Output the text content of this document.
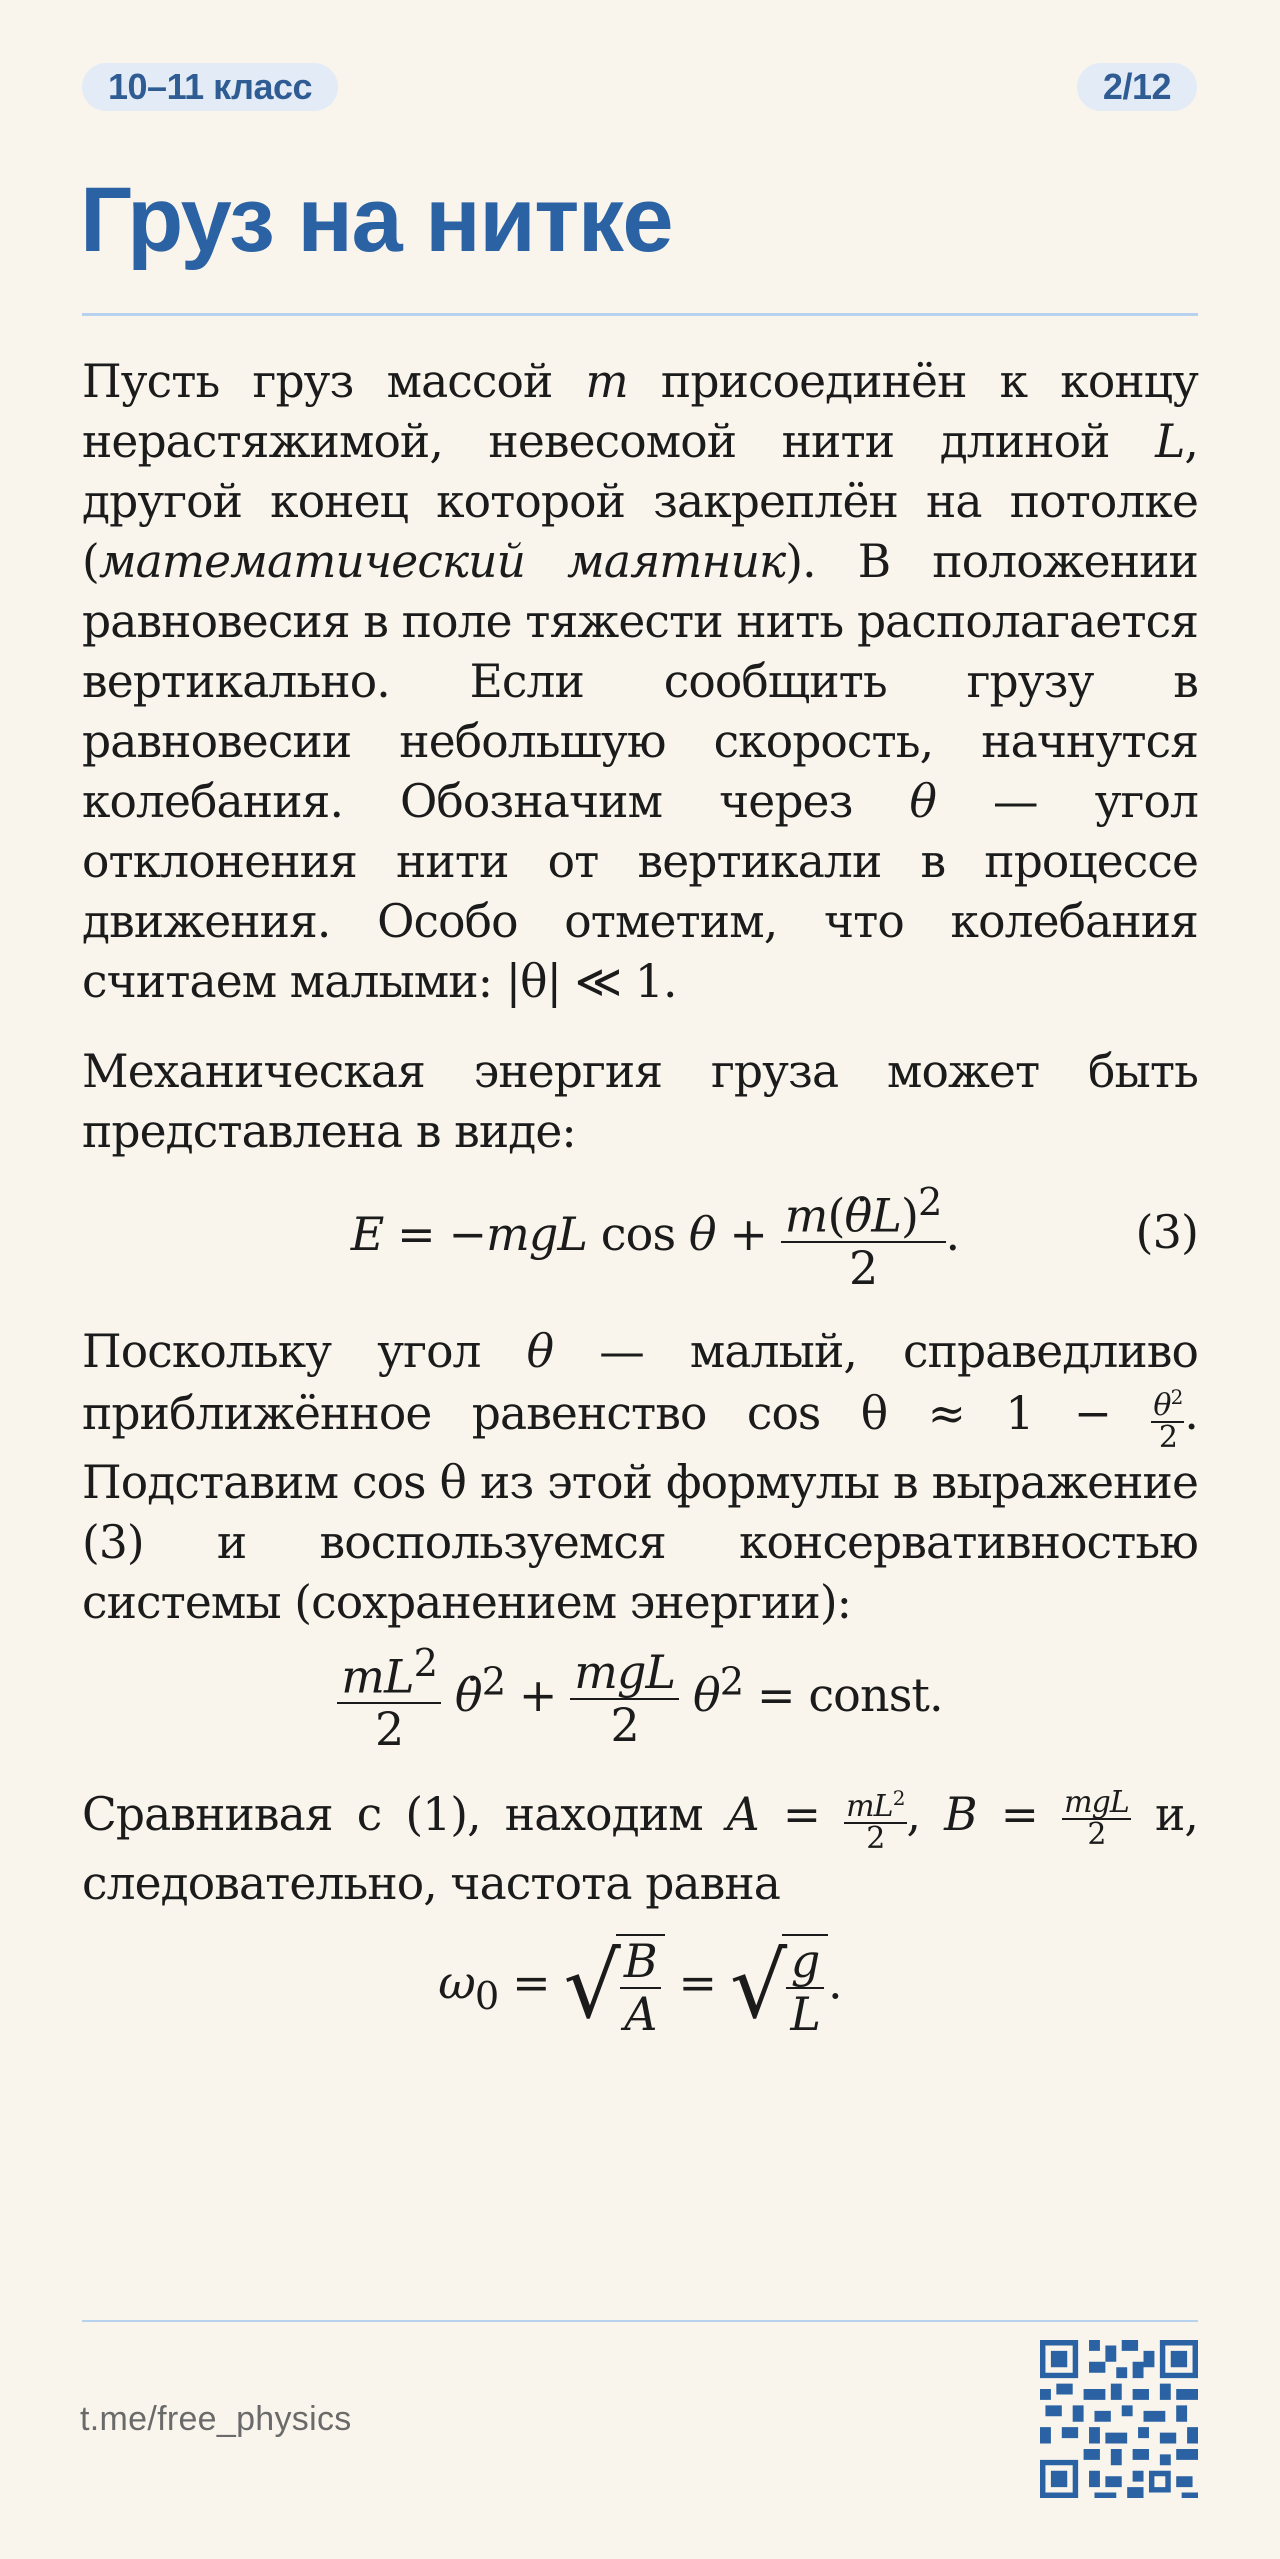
10–11 класс	2/12
Груз на нитке

Пусть груз массой m присоединён к концу нерастяжимой, невесомой нити длиной L, другой конец которой закреплён на потолке (математический маятник). В положении равновесия в поле тяжести нить располагается вертикально. Если сообщить грузу в равновесии небольшую скорость, начнутся колебания. Обозначим через θ — угол отклонения нити от вертикали в процессе движения. Особо отметим, что колебания считаем малыми: |θ| ≪ 1.

Механическая энергия груза может быть представлена в виде:

E = −mgL $\cos \theta + \frac{m(\thetȧL)^2}{2}$ .	(3)

Поскольку угол θ — малый, справедливо приближённое равенство $\cos \theta \approx 1 - \frac{\theta^2}{2}$ . Подставим cos θ из этой формулы в выражение (3) и воспользуемся консервативностью системы (сохранением энергии):

$\frac{mL^2}{2}$ θ̇$^2$ + $\frac{\text{mgL}}{2} \theta^2$ = const.

Сравнивая с (1), находим $A = \frac{mL^2}{2}$ , $B = \frac{\text{mgL}}{2} и$, следовательно, частота равна

$\omega_0$ = √ $\frac{B}{A}$ = √ $\frac{g}{L}$ .
t.me/free_physics
